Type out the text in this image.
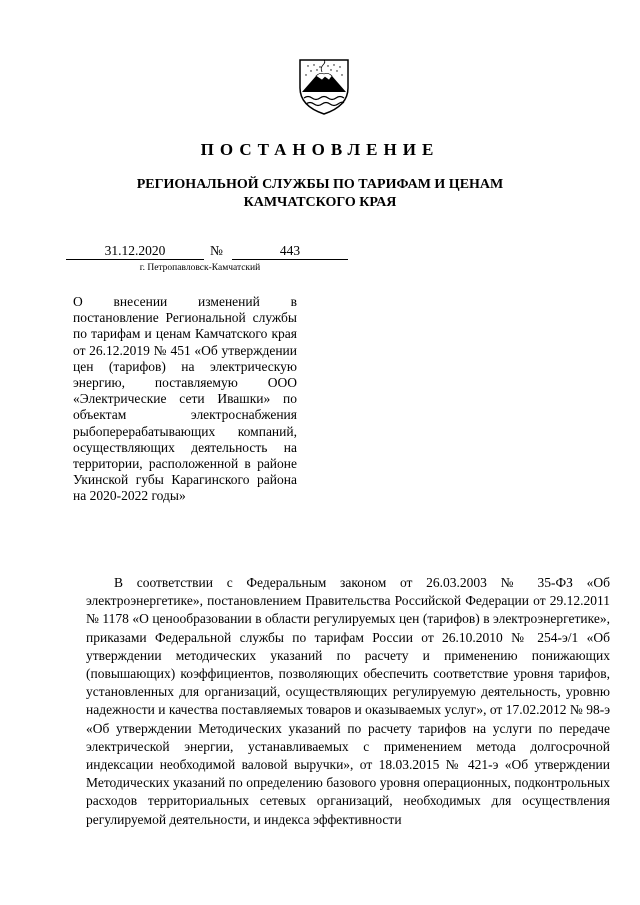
ПОСТАНОВЛЕНИЕ
РЕГИОНАЛЬНОЙ СЛУЖБЫ ПО ТАРИФАМ И ЦЕНАМ
КАМЧАТСКОГО КРАЯ
31.12.2020	№	443
г. Петропавловск-Камчатский
О внесении изменений в постановление Региональной службы по тарифам и ценам Камчатского края от 26.12.2019 № 451 «Об утверждении цен (тарифов) на электрическую энергию, поставляемую ООО «Электрические сети Ивашки» по объектам электроснабжения рыбоперерабатывающих компаний, осуществляющих деятельность на территории, расположенной в районе Укинской губы Карагинского района на 2020-2022 годы»

В соответствии с Федеральным законом от 26.03.2003 № 35-ФЗ «Об электроэнергетике», постановлением Правительства Российской Федерации от 29.12.2011 № 1178 «О ценообразовании в области регулируемых цен (тарифов) в электроэнергетике», приказами Федеральной службы по тарифам России от 26.10.2010 № 254-э/1 «Об утверждении методических указаний по расчету и применению понижающих (повышающих) коэффициентов, позволяющих обеспечить соответствие уровня тарифов, установленных для организаций, осуществляющих регулируемую деятельность, уровню надежности и качества поставляемых товаров и оказываемых услуг», от 17.02.2012 № 98-э «Об утверждении Методических указаний по расчету тарифов на услуги по передаче электрической энергии, устанавливаемых с применением метода долгосрочной индексации необходимой валовой выручки», от 18.03.2015 № 421-э «Об утверждении Методических указаний по определению базового уровня операционных, подконтрольных расходов территориальных сетевых организаций, необходимых для осуществления регулируемой деятельности, и индекса эффективности
